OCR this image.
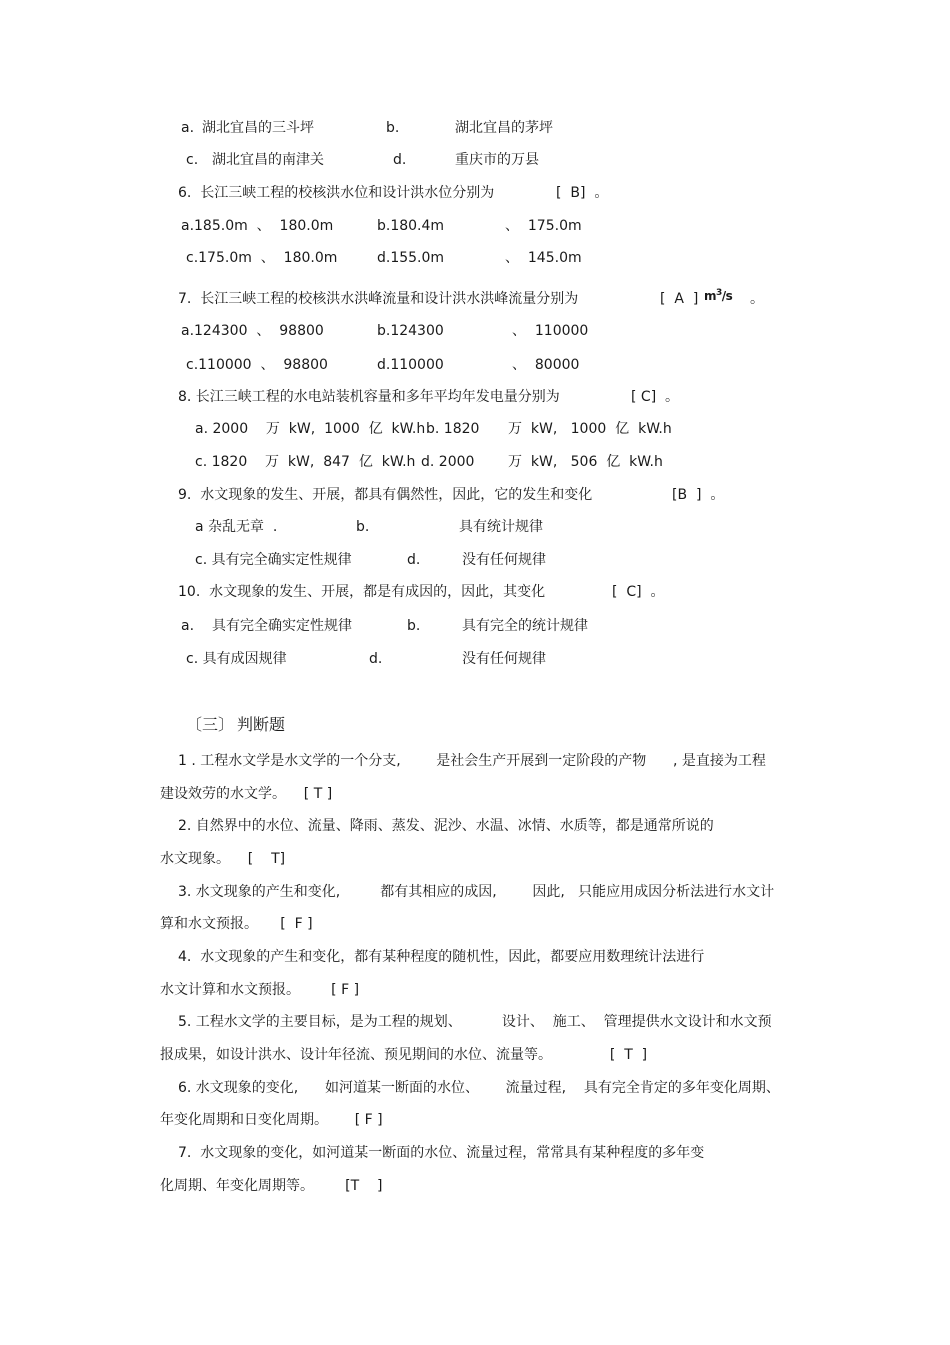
a. 湖北宜昌的三斗坪	b.	湖北宜昌的茅坪
c. 湖北宜昌的南津关	d.	重庆市的万县
6.  长江三峡工程的校核洪水位和设计洪水位分别为	[  B]  。
a.185.0m  、  180.0m	b.180.4m	、  175.0m
c.175.0m  、  180.0m	d.155.0m	、  145.0m
7.  长江三峡工程的校核洪水洪峰流量和设计洪水洪峰流量分别为	[  A  ] $m^3/s$ 。
a.124300  、  98800	b.124300	、  110000
c.110000  、  98800	d.110000	、  80000
8. 长江三峡工程的水电站装机容量和多年平均年发电量分别为	[ C]  。
a. 2000    万  kW,  1000  亿  kW.h b. 1820 万  kW,   1000  亿  kW.h
c. 1820    万  kW,  847  亿  kW.h d. 2000 万  kW,   506  亿  kW.h
9.  水文现象的发生、开展，都具有偶然性，因此，它的发生和变化	[B  ]  。
a 杂乱无章  .	b.	具有统计规律
c. 具有完全确实定性规律	d.	没有任何规律
10.  水文现象的发生、开展，都是有成因的，因此，其变化	[  C]  。
a. 具有完全确实定性规律	b.	具有完全的统计规律
c. 具有成因规律	d.	没有任何规律
〔三〕 判断题
1 . 工程水文学是水文学的一个分支,        是社会生产开展到一定阶段的产物      , 是直接为工程
建设效劳的水文学。    [ T ]
2. 自然界中的水位、流量、降雨、蒸发、泥沙、水温、冰情、水质等，都是通常所说的
水文现象。    [    T]
3. 水文现象的产生和变化,         都有其相应的成因,        因此,   只能应用成因分析法进行水文计
算和水文预报。     [  F ]
4.  水文现象的产生和变化，都有某种程度的随机性，因此，都要应用数理统计法进行
水文计算和水文预报。       [ F ]
5. 工程水文学的主要目标，是为工程的规划、         设计、  施工、  管理提供水文设计和水文预
报成果，如设计洪水、设计年径流、预见期间的水位、流量等。             [  T  ]
6. 水文现象的变化,      如河道某一断面的水位、      流量过程,    具有完全肯定的多年变化周期、
年变化周期和日变化周期。      [ F ]
7.  水文现象的变化，如河道某一断面的水位、流量过程，常常具有某种程度的多年变
化周期、年变化周期等。       [T    ]
